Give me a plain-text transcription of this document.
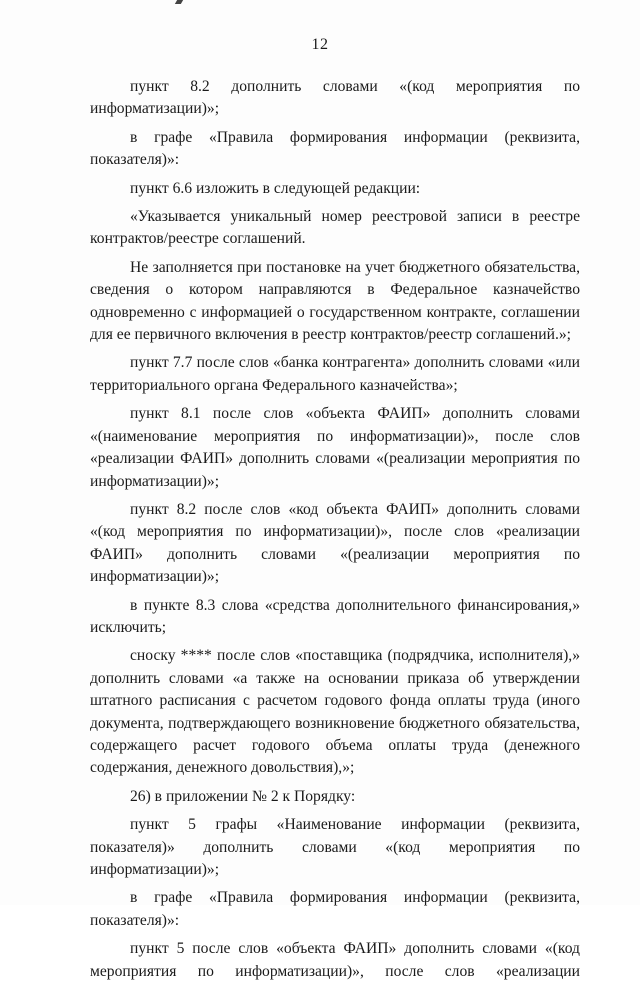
12

пункт 8.2 дополнить словами «(код мероприятия по информатизации)»;

в графе «Правила формирования информации (реквизита, показателя)»:

пункт 6.6 изложить в следующей редакции:

«Указывается уникальный номер реестровой записи в реестре контрактов/реестре соглашений.

Не заполняется при постановке на учет бюджетного обязательства, сведения о котором направляются в Федеральное казначейство одновременно с информацией о государственном контракте, соглашении для ее первичного включения в реестр контрактов/реестр соглашений.»;

пункт 7.7 после слов «банка контрагента» дополнить словами «или территориального органа Федерального казначейства»;

пункт 8.1 после слов «объекта ФАИП» дополнить словами «(наименование мероприятия по информатизации)», после слов «реализации ФАИП» дополнить словами «(реализации мероприятия по информатизации)»;

пункт 8.2 после слов «код объекта ФАИП» дополнить словами «(код мероприятия по информатизации)», после слов «реализации ФАИП» дополнить словами «(реализации мероприятия по информатизации)»;

в пункте 8.3 слова «средства дополнительного финансирования,» исключить;

сноску **** после слов «поставщика (подрядчика, исполнителя),» дополнить словами «а также на основании приказа об утверждении штатного расписания с расчетом годового фонда оплаты труда (иного документа, подтверждающего возникновение бюджетного обязательства, содержащего расчет годового объема оплаты труда (денежного содержания, денежного довольствия),»;

26) в приложении № 2 к Порядку:

пункт 5 графы «Наименование информации (реквизита, показателя)» дополнить словами «(код мероприятия по информатизации)»;

в графе «Правила формирования информации (реквизита, показателя)»:

пункт 5 после слов «объекта ФАИП» дополнить словами «(код мероприятия по информатизации)», после слов «реализации
